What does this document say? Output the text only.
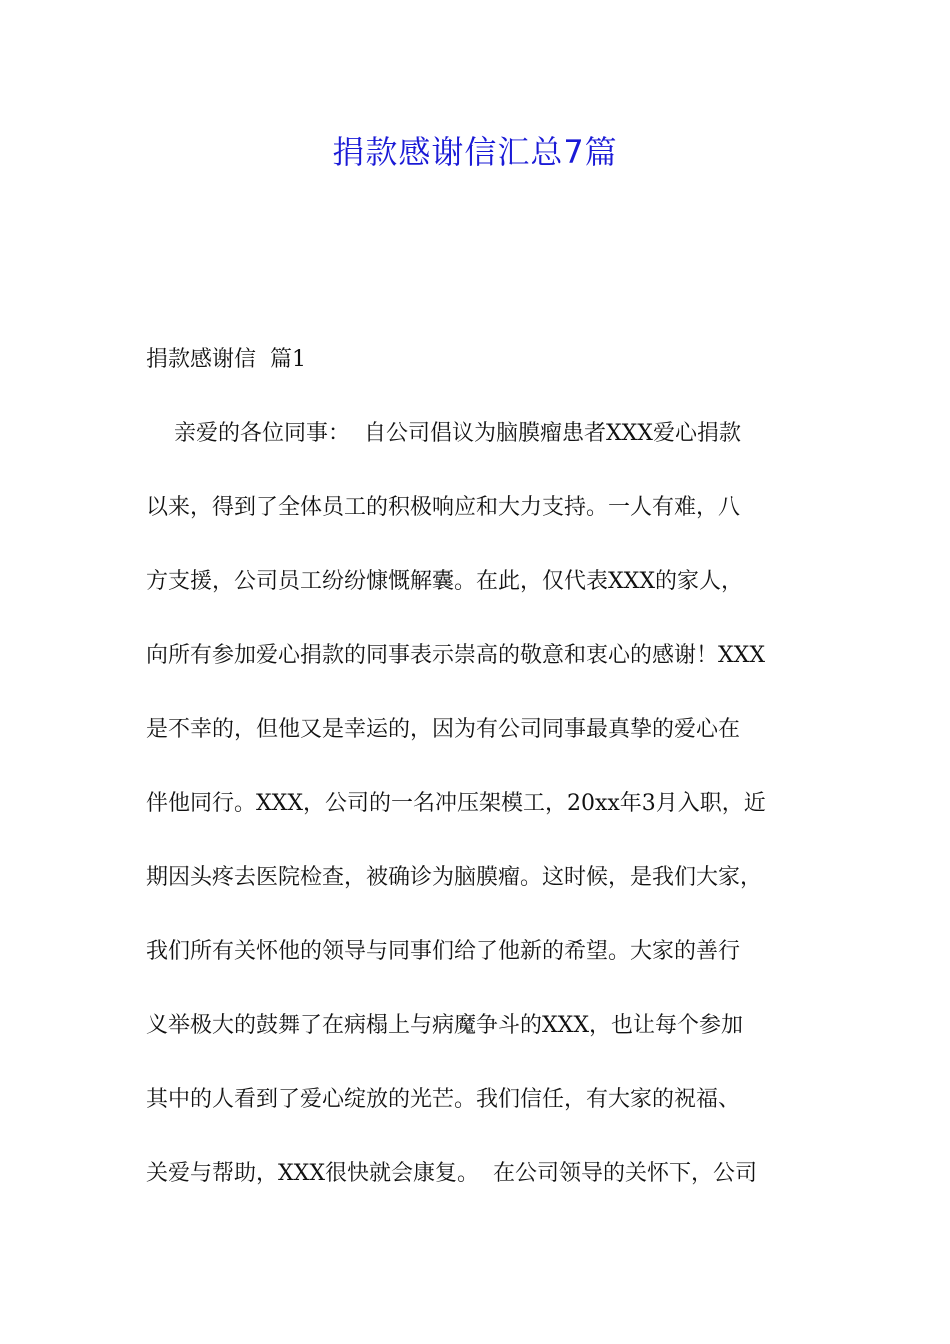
捐款感谢信汇总7篇
捐款感谢信  篇1
亲爱的各位同事：  自公司倡议为脑膜瘤患者XXX爱心捐款
以来，得到了全体员工的积极响应和大力支持。一人有难，八
方支援，公司员工纷纷慷慨解囊。在此，仅代表XXX的家人，
向所有参加爱心捐款的同事表示崇高的敬意和衷心的感谢！XXX
是不幸的，但他又是幸运的，因为有公司同事最真挚的爱心在
伴他同行。XXX，公司的一名冲压架模工，20xx年3月入职，近
期因头疼去医院检查，被确诊为脑膜瘤。这时候，是我们大家，
我们所有关怀他的领导与同事们给了他新的希望。大家的善行
义举极大的鼓舞了在病榻上与病魔争斗的XXX，也让每个参加
其中的人看到了爱心绽放的光芒。我们信任，有大家的祝福、
关爱与帮助，XXX很快就会康复。  在公司领导的关怀下，公司
